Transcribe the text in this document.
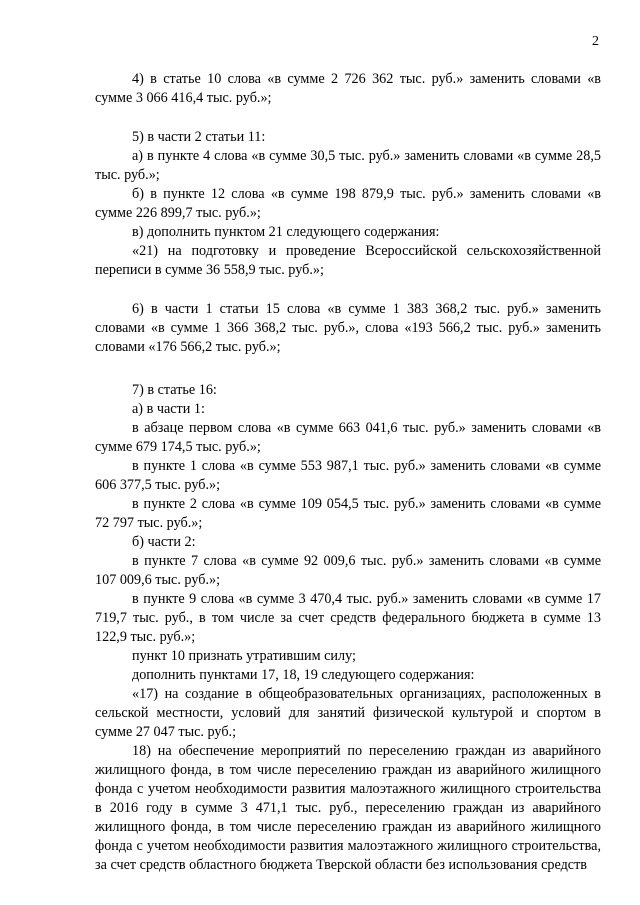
2

4) в статье 10 слова «в сумме 2 726 362 тыс. руб.» заменить словами «в сумме 3 066 416,4 тыс. руб.»;

5) в части 2 статьи 11:

а) в пункте 4 слова «в сумме 30,5 тыс. руб.» заменить словами «в сумме 28,5 тыс. руб.»;

б) в пункте 12 слова «в сумме 198 879,9 тыс. руб.» заменить словами «в сумме 226 899,7 тыс. руб.»;

в) дополнить пунктом 21 следующего содержания:

«21) на подготовку и проведение Всероссийской сельскохозяйственной переписи в сумме 36 558,9 тыс. руб.»;

6) в части 1 статьи 15 слова «в сумме 1 383 368,2 тыс. руб.» заменить словами «в сумме 1 366 368,2 тыс. руб.», слова «193 566,2 тыс. руб.» заменить словами «176 566,2 тыс. руб.»;

7) в статье 16:

а) в части 1:

в абзаце первом слова «в сумме 663 041,6 тыс. руб.» заменить словами «в сумме 679 174,5 тыс. руб.»;

в пункте 1 слова «в сумме 553 987,1 тыс. руб.» заменить словами «в сумме 606 377,5 тыс. руб.»;

в пункте 2 слова «в сумме 109 054,5 тыс. руб.» заменить словами «в сумме 72 797 тыс. руб.»;

б) части 2:

в пункте 7 слова «в сумме 92 009,6 тыс. руб.» заменить словами «в сумме 107 009,6 тыс. руб.»;

в пункте 9 слова «в сумме 3 470,4 тыс. руб.» заменить словами «в сумме 17 719,7 тыс. руб., в том числе за счет средств федерального бюджета в сумме 13 122,9 тыс. руб.»;

пункт 10 признать утратившим силу;

дополнить пунктами 17, 18, 19 следующего содержания:

«17) на создание в общеобразовательных организациях, расположенных в сельской местности, условий для занятий физической культурой и спортом в сумме 27 047 тыс. руб.;

18) на обеспечение мероприятий по переселению граждан из аварийного жилищного фонда, в том числе переселению граждан из аварийного жилищного фонда с учетом необходимости развития малоэтажного жилищного строительства в 2016 году в сумме 3 471,1 тыс. руб., переселению граждан из аварийного жилищного фонда, в том числе переселению граждан из аварийного жилищного фонда с учетом необходимости развития малоэтажного жилищного строительства, за счет средств областного бюджета Тверской области без использования средств
